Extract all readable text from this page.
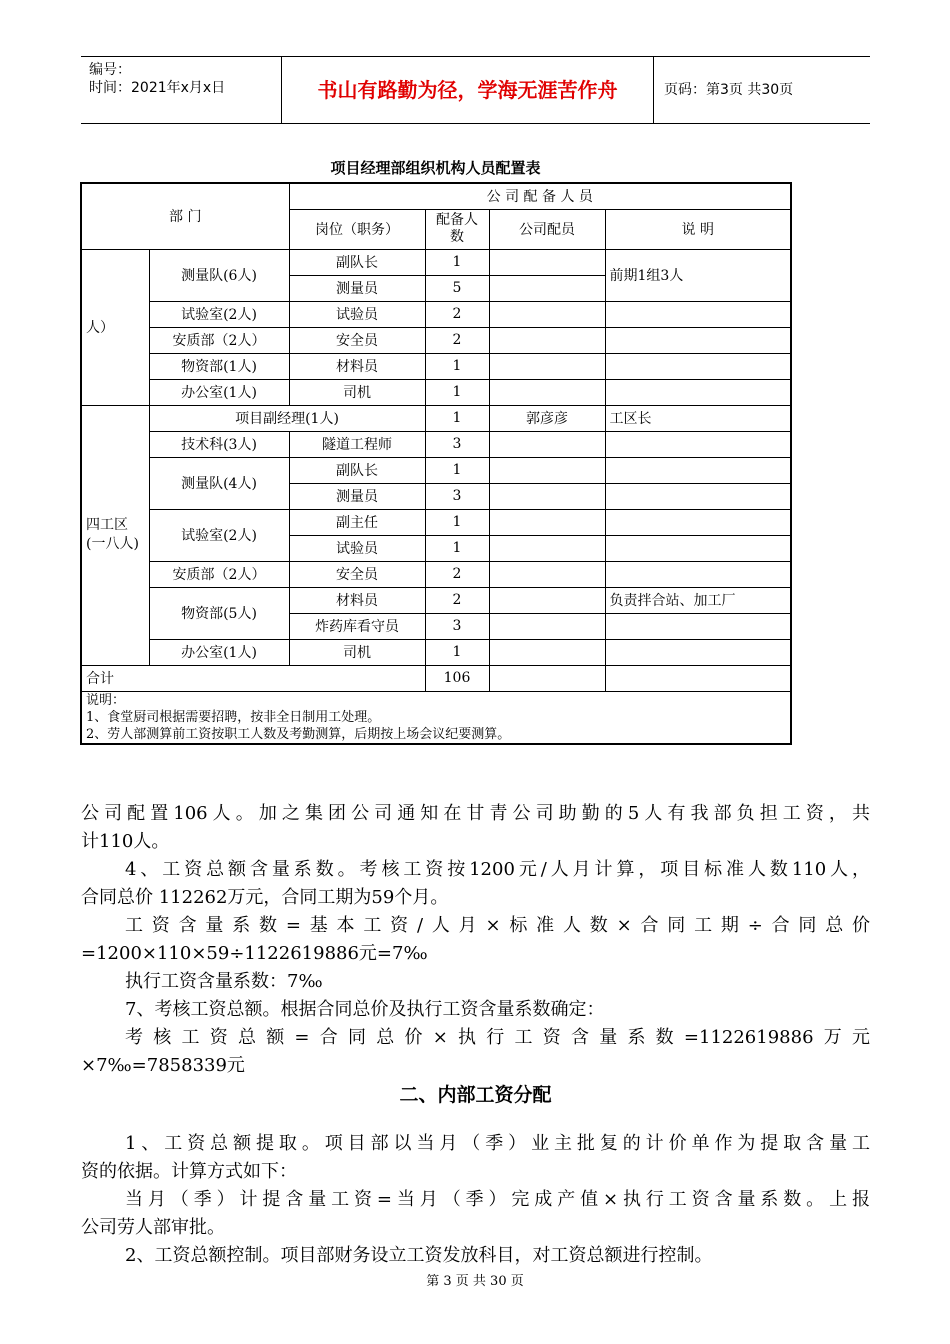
编号：
时间：2021年x月x日	书山有路勤为径，学海无涯苦作舟	页码：第3页 共30页
项目经理部组织机构人员配置表
部 门		公 司 配 备 人 员			
		岗位（职务）	配备人数	公司配员	说 明
人）	测量队(6人)	副队长	1		前期1组3人
		测量员	5		
	试验室(2人)	试验员	2		
	安质部（2人）	安全员	2		
	物资部(1人)	材料员	1		
	办公室(1人)	司机	1		
四工区(一八人)	项目副经理(1人)		1	郭彦彦	工区长
	技术科(3人)	隧道工程师	3		
	测量队(4人)	副队长	1		
		测量员	3		
	试验室(2人)	副主任	1		
		试验员	1		
	安质部（2人）	安全员	2		
	物资部(5人)	材料员	2		负责拌合站、加工厂
		炸药库看守员	3		
	办公室(1人)	司机	1		
合计			106		

说明：
1、食堂厨司根据需要招聘，按非全日制用工处理。
2、劳人部测算前工资按职工人数及考勤测算，后期按上场会议纪要测算。					

公司配置106人。加之集团公司通知在甘青公司助勤的5人有我部负担工资，共

计110人。

4、工资总额含量系数。考核工资按1200元/人月计算，项目标准人数110人，

合同总价 112262万元，合同工期为59个月。

工资含量系数=基本工资/人月×标准人数×合同工期÷合同总价

=1200×110×59÷1122619886元=7‰

执行工资含量系数：7‰

7、考核工资总额。根据合同总价及执行工资含量系数确定：

考核工资总额=合同总价×执行工资含量系数=1122619886万元

×7‰=7858339元

二、内部工资分配

1、工资总额提取。项目部以当月（季）业主批复的计价单作为提取含量工

资的依据。计算方式如下：

当月（季）计提含量工资=当月（季）完成产值×执行工资含量系数。上报

公司劳人部审批。

2、工资总额控制。项目部财务设立工资发放科目，对工资总额进行控制。

第 3 页 共 30 页
